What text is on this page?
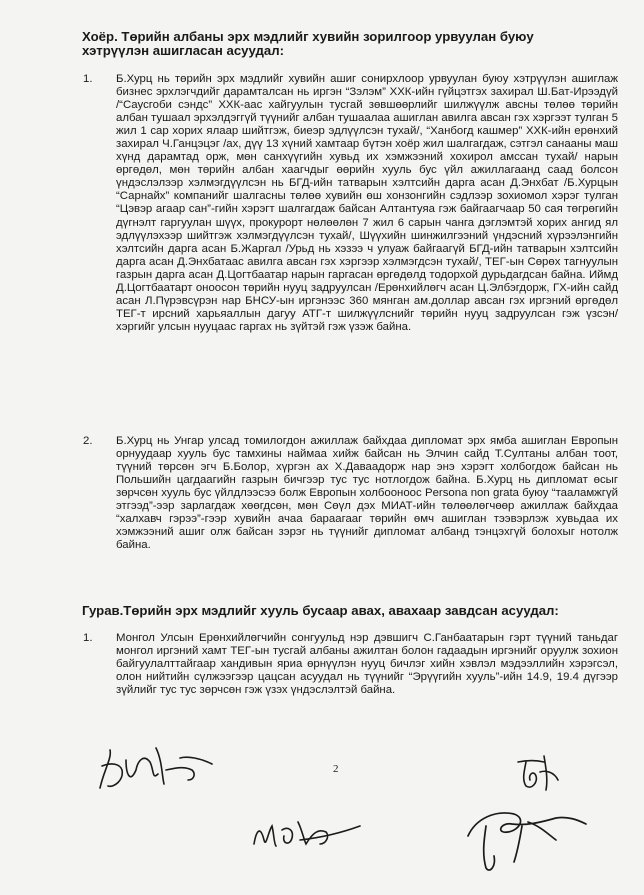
Хоёр. Төрийн албаны эрх мэдлийг хувийн зорилгоор урвуулан буюу хэтрүүлэн ашигласан асуудал:
1.	Б.Хурц нь төрийн эрх мэдлийг хувийн ашиг сонирхлоор урвуулан буюу хэтрүүлэн ашиглаж бизнес эрхлэгчдийг дарамталсан нь иргэн “Зэлэм” ХХК-ийн гүйцэтгэх захирал Ш.Бат-Ирээдүй /“Саусгоби сэндс” ХХК-аас хайгуулын тусгай зөвшөөрлийг шилжүүлж авсны төлөө төрийн албан тушаал эрхэлдэггүй түүнийг албан тушаалаа ашиглан авилга авсан гэх хэргээт тулган 5 жил 1 сар хорих ялаар шийтгэж, биеэр эдлүүлсэн тухай/, “Ханбогд кашмер” ХХК-ийн ерөнхий захирал Ч.Ганцэцэг /ах, дүү 13 хүний хамтаар бүтэн хоёр жил шалгагдаж, сэтгэл санааны маш хүнд дарамтад орж, мөн санхүүгийн хувьд их хэмжээний хохирол амссан тухай/ нарын өргөдөл, мөн төрийн албан хаагчдыг өөрийн хууль бус үйл ажиллагаанд саад болсон үндэслэлээр хэлмэгдүүлсэн нь БГД-ийн татварын хэлтсийн дарга асан Д.Энхбат /Б.Хурцын “Сарнайх” компанийг шалгасны төлөө хувийн өш хонзонгийн сэдлээр зохиомол хэрэг тулган “Цэвэр агаар сан”-гийн хэрэгт шалгагдаж байсан Алтантуяа гэж байгаагчаар 50 сая төгрөгийн дүгнэлт гаргуулан шүүх, прокурорт нөлөөлөн 7 жил 6 сарын чанга дэглэмтэй хорих ангид ял эдлүүлэхээр шийтгэж хэлмэгдүүлсэн тухай/, Шүүхийн шинжилгээний үндэсний хүрээлэнгийн хэлтсийн дарга асан Б.Жаргал /Урьд нь хэзээ ч улуаж байгаагүй БГД-ийн татварын хэлтсийн дарга асан Д.Энхбатаас авилга авсан гэх хэргээр хэлмэгдсэн тухай/, ТЕГ-ын Сөрөх тагнуулын газрын дарга асан Д.Цогтбаатар нарын гаргасан өргөдөлд тодорхой дурьдагдсан байна. Иймд Д.Цогтбаатарт онооcон төрийн нууц задруулсан /Ерөнхийлөгч асан Ц.Элбэгдорж, ГХ-ийн сайд асан Л.Пүрэвсүрэн нар БНСУ-ын иргэнээс 360 мянган ам.доллар авсан гэх иргэний өргөдөл ТЕГ-т ирсний харьяаллын дагуу АТГ-т шилжүүлснийг төрийн нууц задруулсан гэж үзсэн/ хэргийг улсын нууцааc гаргах нь зүйтэй гэж үзэж байна.
2.	Б.Хурц нь Унгар улсад томилогдон ажиллаж байхдаа дипломат эрх ямба ашиглан Европын орнуудаар хууль бус тамхины наймаа хийж байсан нь Элчин сайд Т.Султаны албан тоот, түүний төрсөн эгч Б.Болор, хүргэн ах Х.Даваадорж нар энэ хэрэгт холбогдож байсан нь Польшийн цагдаагийн газрын бичгээр тус тус нотлогдож байна. Б.Хурц нь дипломат өсыг зөрчсөн хууль бус үйлдлээсээ болж Европын холбооноос Persona non grata буюу “тааламжгүй этгээд”-ээр зарлагдаж хөөгдсөн, мөн Сөүл дэх МИАТ-ийн төлөөлөгчөөр ажиллаж байхдаа “халхавч гэрээ”-гээр хувийн ачаа бараагааг төрийн өмч ашиглан тээвэрлэж хувьдаа их хэмжээний ашиг олж байсан зэрэг нь түүнийг дипломат албанд тэнцэхгүй болохыг нотолж байна.
Гурав.Төрийн эрх мэдлийг хууль бусаар авах, авахаар завдсан асуудал:
1.	Монгол Улсын Ерөнхийлөгчийн сонгуульд нэр дэвшигч С.Ганбаатарын гэрт түүний таньдаг монгол иргэний хамт ТЕГ-ын тусгай албаны ажилтан болон гадаадын иргэнийг оруулж зохион байгуулалттайгаар хандивын яриа өрнүүлэн нууц бичлэг хийн хэвлэл мэдээллийн хэрэгсэл, олон нийтийн сүлжээгээр цацсан асуудал нь түүнийг “Эрүүгийн хууль”-ийн 14.9, 19.4 дүгээр зүйлийг тус тус зөрчсөн гэж үзэх үндэслэлтэй байна.
2
